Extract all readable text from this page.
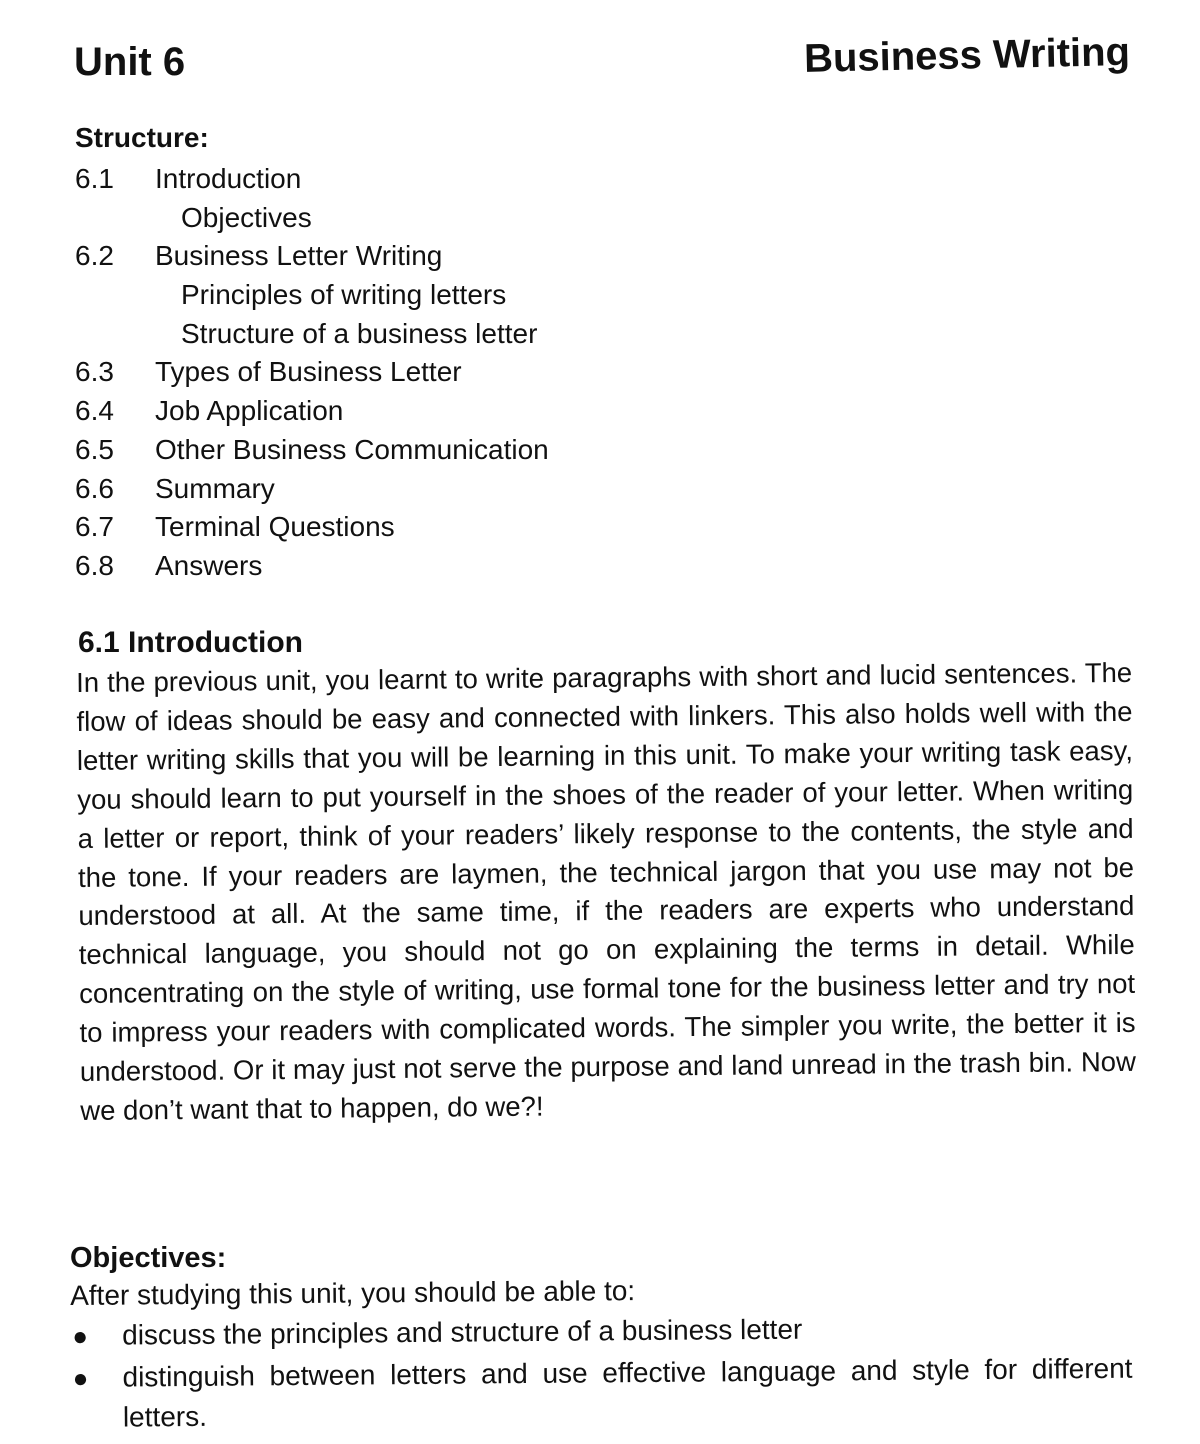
Unit 6	Business Writing
Structure:
6.1 Introduction
Objectives
6.2 Business Letter Writing
Principles of writing letters
Structure of a business letter
6.3 Types of Business Letter
6.4 Job Application
6.5 Other Business Communication
6.6 Summary
6.7 Terminal Questions
6.8 Answers
6.1 Introduction

In the previous unit, you learnt to write paragraphs with short and lucid sentences. The flow of ideas should be easy and connected with linkers. This also holds well with the letter writing skills that you will be learning in this unit. To make your writing task easy, you should learn to put yourself in the shoes of the reader of your letter. When writing a letter or report, think of your readers’ likely response to the contents, the style and the tone. If your readers are laymen, the technical jargon that you use may not be understood at all. At the same time, if the readers are experts who understand technical language, you should not go on explaining the terms in detail. While concentrating on the style of writing, use formal tone for the business letter and try not to impress your readers with complicated words. The simpler you write, the better it is understood. Or it may just not serve the purpose and land unread in the trash bin. Now we don’t want that to happen, do we?!

Objectives:

After studying this unit, you should be able to:

● discuss the principles and structure of a business letter
● distinguish between letters and use effective language and style for different letters.
